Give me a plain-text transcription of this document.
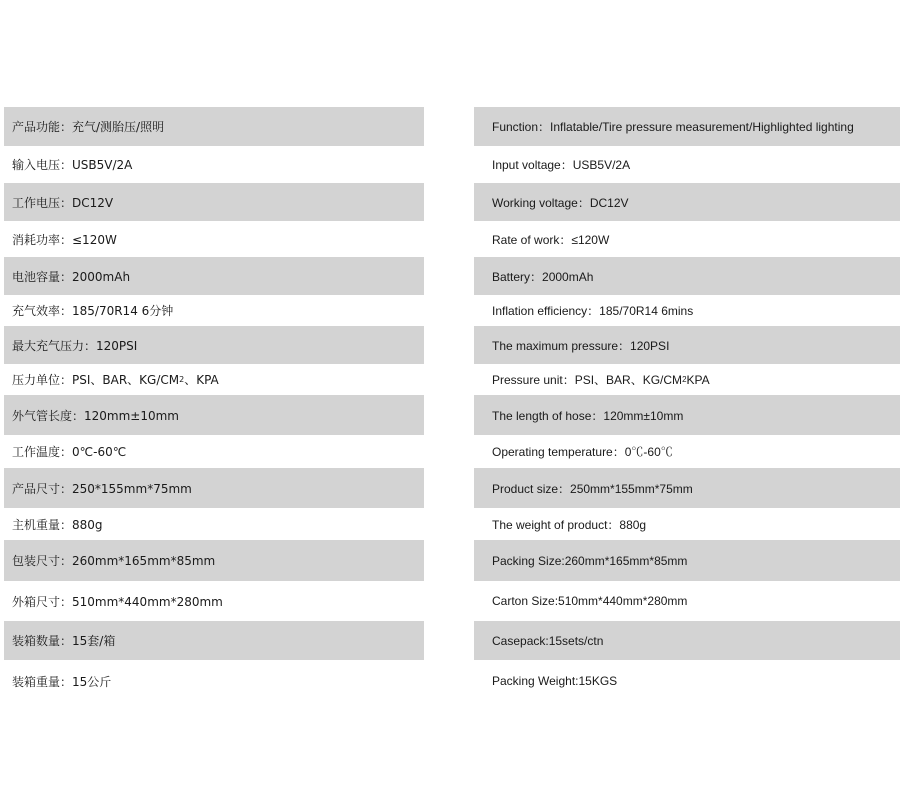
产品功能：充气/测胎压/照明
输入电压：USB5V/2A
工作电压：DC12V
消耗功率：≤120W
电池容量：2000mAh
充气效率：185/70R14 6分钟
最大充气压力：120PSI
压力单位：PSI、BAR、KG/CM 2 、KPA
外气管长度：120mm±10mm
工作温度：0℃-60℃
产品尺寸：250*155mm*75mm
主机重量：880g
包装尺寸：260mm*165mm*85mm
外箱尺寸：510mm*440mm*280mm
装箱数量：15套/箱
装箱重量：15公斤
Function：Inflatable/Tire pressure measurement/Highlighted lighting
Input voltage：USB5V/2A
Working voltage：DC12V
Rate of work：≤120W
Battery：2000mAh
Inflation efficiency：185/70R14 6mins
The maximum pressure：120PSI
Pressure unit：PSI、BAR、KG/CM 2 KPA
The length of hose：120mm±10mm
Operating temperature：0℃-60℃
Product size：250mm*155mm*75mm
The weight of product：880g
Packing Size:260mm*165mm*85mm
Carton Size:510mm*440mm*280mm
Casepack:15sets/ctn
Packing Weight:15KGS
